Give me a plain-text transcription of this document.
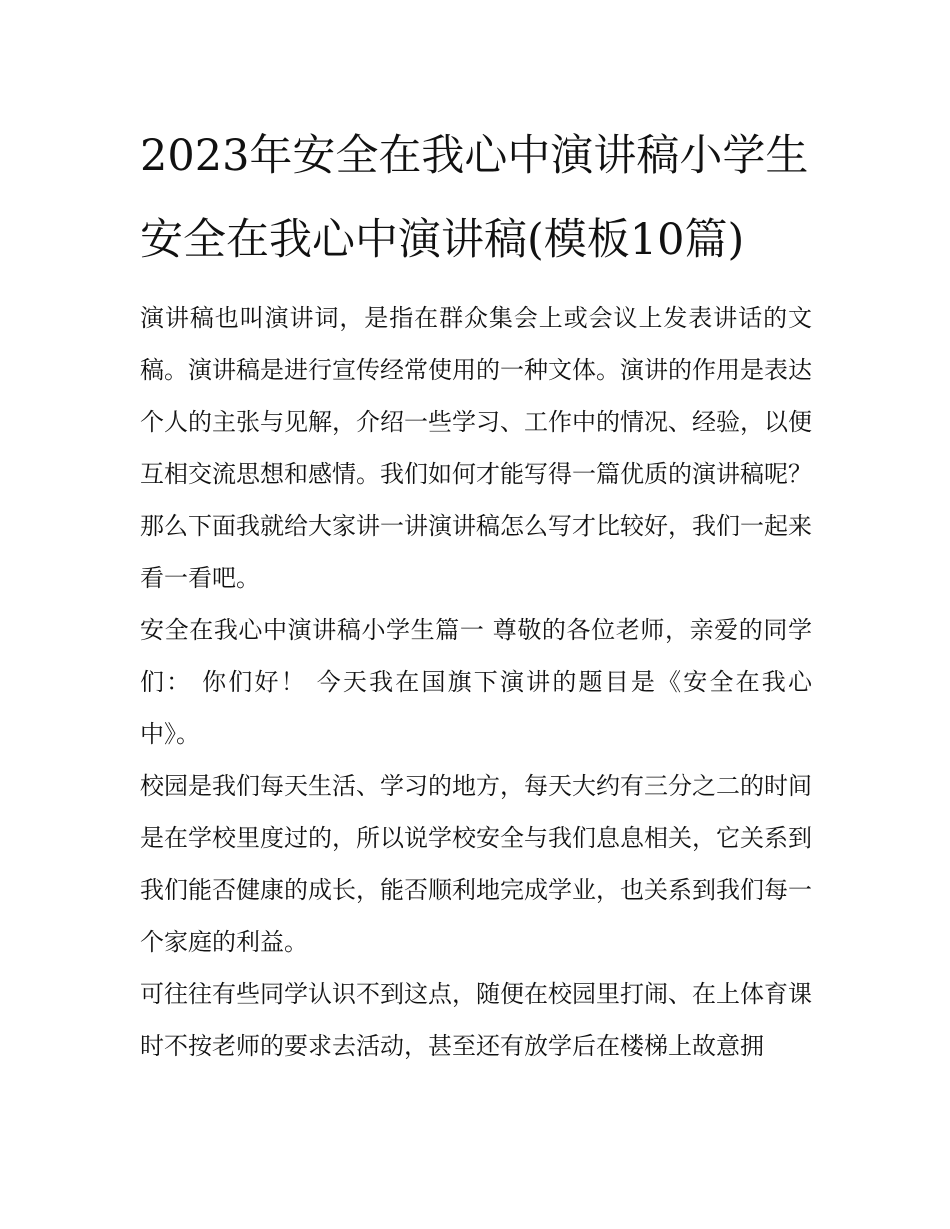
2023年安全在我心中演讲稿小学生 安全在我心中演讲稿(模板10篇)

演讲稿也叫演讲词，是指在群众集会上或会议上发表讲话的文稿。演讲稿是进行宣传经常使用的一种文体。演讲的作用是表达个人的主张与见解，介绍一些学习、工作中的情况、经验，以便互相交流思想和感情。我们如何才能写得一篇优质的演讲稿呢？那么下面我就给大家讲一讲演讲稿怎么写才比较好，我们一起来看一看吧。

安全在我心中演讲稿小学生篇一 尊敬的各位老师，亲爱的同学们： 你们好！ 今天我在国旗下演讲的题目是《安全在我心中》。

校园是我们每天生活、学习的地方，每天大约有三分之二的时间是在学校里度过的，所以说学校安全与我们息息相关，它关系到我们能否健康的成长，能否顺利地完成学业，也关系到我们每一个家庭的利益。

可往往有些同学认识不到这点，随便在校园里打闹、在上体育课时不按老师的要求去活动，甚至还有放学后在楼梯上故意拥
